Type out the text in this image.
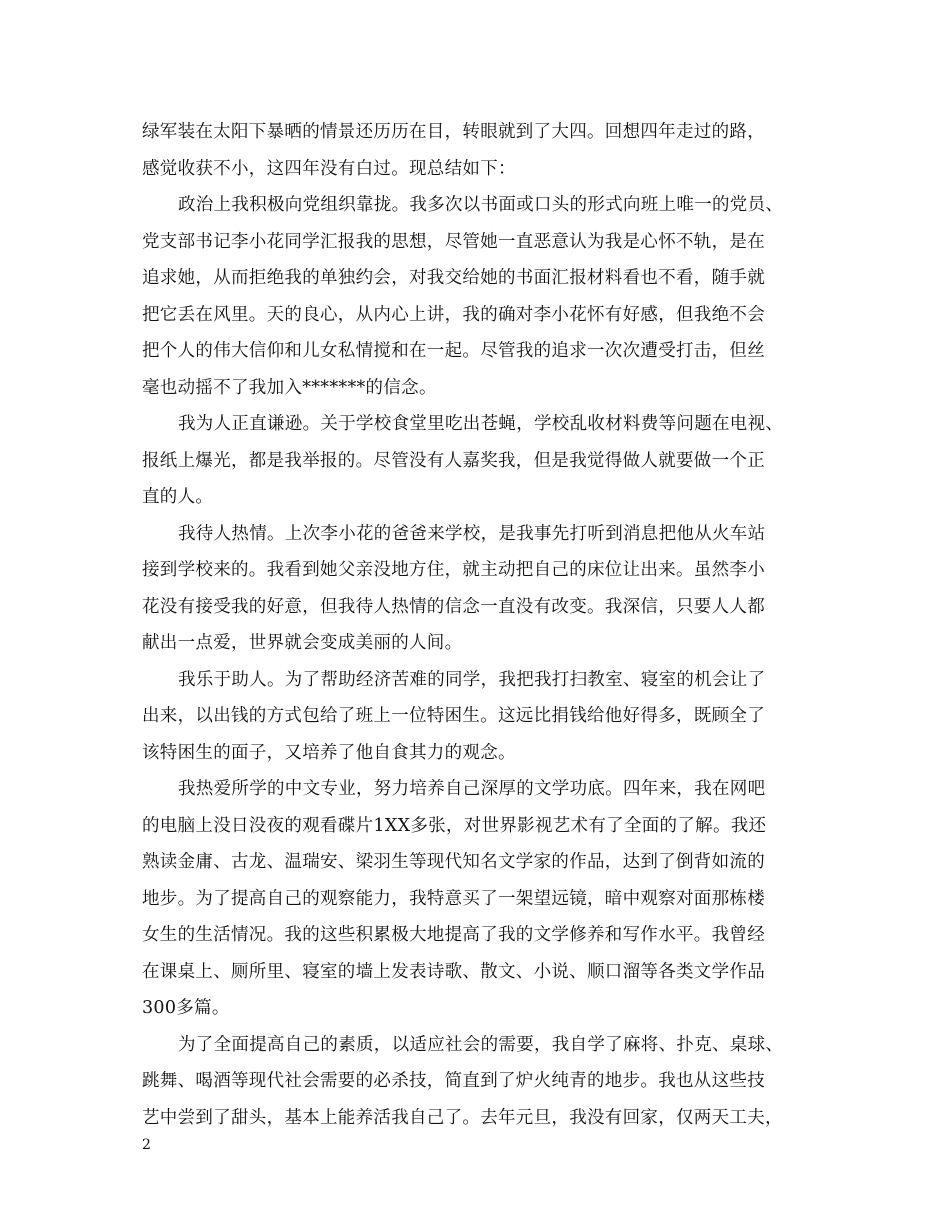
绿军装在太阳下暴晒的情景还历历在目，转眼就到了大四。回想四年走过的路，
感觉收获不小，这四年没有白过。现总结如下：
政治上我积极向党组织靠拢。我多次以书面或口头的形式向班上唯一的党员、
党支部书记李小花同学汇报我的思想，尽管她一直恶意认为我是心怀不轨，是在
追求她，从而拒绝我的单独约会，对我交给她的书面汇报材料看也不看，随手就
把它丢在风里。天的良心，从内心上讲，我的确对李小花怀有好感，但我绝不会
把个人的伟大信仰和儿女私情搅和在一起。尽管我的追求一次次遭受打击，但丝
毫也动摇不了我加入*******的信念。
我为人正直谦逊。关于学校食堂里吃出苍蝇，学校乱收材料费等问题在电视、
报纸上爆光，都是我举报的。尽管没有人嘉奖我，但是我觉得做人就要做一个正
直的人。
我待人热情。上次李小花的爸爸来学校，是我事先打听到消息把他从火车站
接到学校来的。我看到她父亲没地方住，就主动把自己的床位让出来。虽然李小
花没有接受我的好意，但我待人热情的信念一直没有改变。我深信，只要人人都
献出一点爱，世界就会变成美丽的人间。
我乐于助人。为了帮助经济苦难的同学，我把我打扫教室、寝室的机会让了
出来，以出钱的方式包给了班上一位特困生。这远比捐钱给他好得多，既顾全了
该特困生的面子，又培养了他自食其力的观念。
我热爱所学的中文专业，努力培养自己深厚的文学功底。四年来，我在网吧
的电脑上没日没夜的观看碟片1XX多张，对世界影视艺术有了全面的了解。我还
熟读金庸、古龙、温瑞安、梁羽生等现代知名文学家的作品，达到了倒背如流的
地步。为了提高自己的观察能力，我特意买了一架望远镜，暗中观察对面那栋楼
女生的生活情况。我的这些积累极大地提高了我的文学修养和写作水平。我曾经
在课桌上、厕所里、寝室的墙上发表诗歌、散文、小说、顺口溜等各类文学作品
300多篇。
为了全面提高自己的素质，以适应社会的需要，我自学了麻将、扑克、桌球、
跳舞、喝酒等现代社会需要的必杀技，简直到了炉火纯青的地步。我也从这些技
艺中尝到了甜头，基本上能养活我自己了。去年元旦，我没有回家，仅两天工夫，
2
